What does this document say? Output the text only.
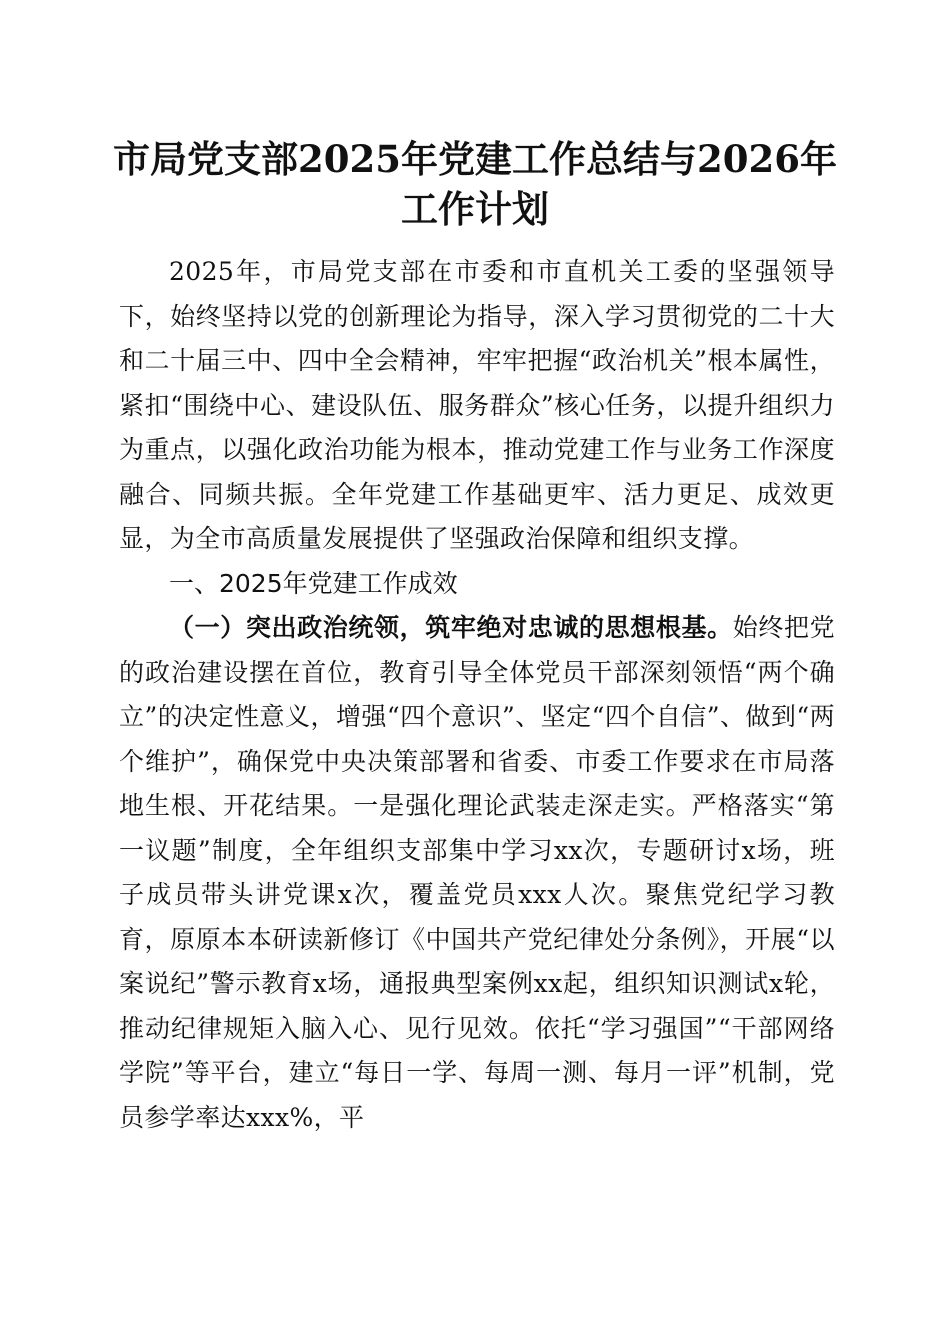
市局党支部2025年党建工作总结与2026年工作计划

2025年，市局党支部在市委和市直机关工委的坚强领导下，始终坚持以党的创新理论为指导，深入学习贯彻党的二十大和二十届三中、四中全会精神，牢牢把握“政治机关”根本属性，紧扣“围绕中心、建设队伍、服务群众”核心任务，以提升组织力为重点，以强化政治功能为根本，推动党建工作与业务工作深度融合、同频共振。全年党建工作基础更牢、活力更足、成效更显，为全市高质量发展提供了坚强政治保障和组织支撑。

一、2025年党建工作成效

（一）突出政治统领，筑牢绝对忠诚的思想根基。始终把党的政治建设摆在首位，教育引导全体党员干部深刻领悟“两个确立”的决定性意义，增强“四个意识”、坚定“四个自信”、做到“两个维护”，确保党中央决策部署和省委、市委工作要求在市局落地生根、开花结果。一是强化理论武装走深走实。严格落实“第一议题”制度，全年组织支部集中学习xx次，专题研讨x场，班子成员带头讲党课x次，覆盖党员xxx人次。聚焦党纪学习教育，原原本本研读新修订《中国共产党纪律处分条例》，开展“以案说纪”警示教育x场，通报典型案例xx起，组织知识测试x轮，推动纪律规矩入脑入心、见行见效。依托“学习强国”“干部网络学院”等平台，建立“每日一学、每周一测、每月一评”机制，党员参学率达xxx%，平
